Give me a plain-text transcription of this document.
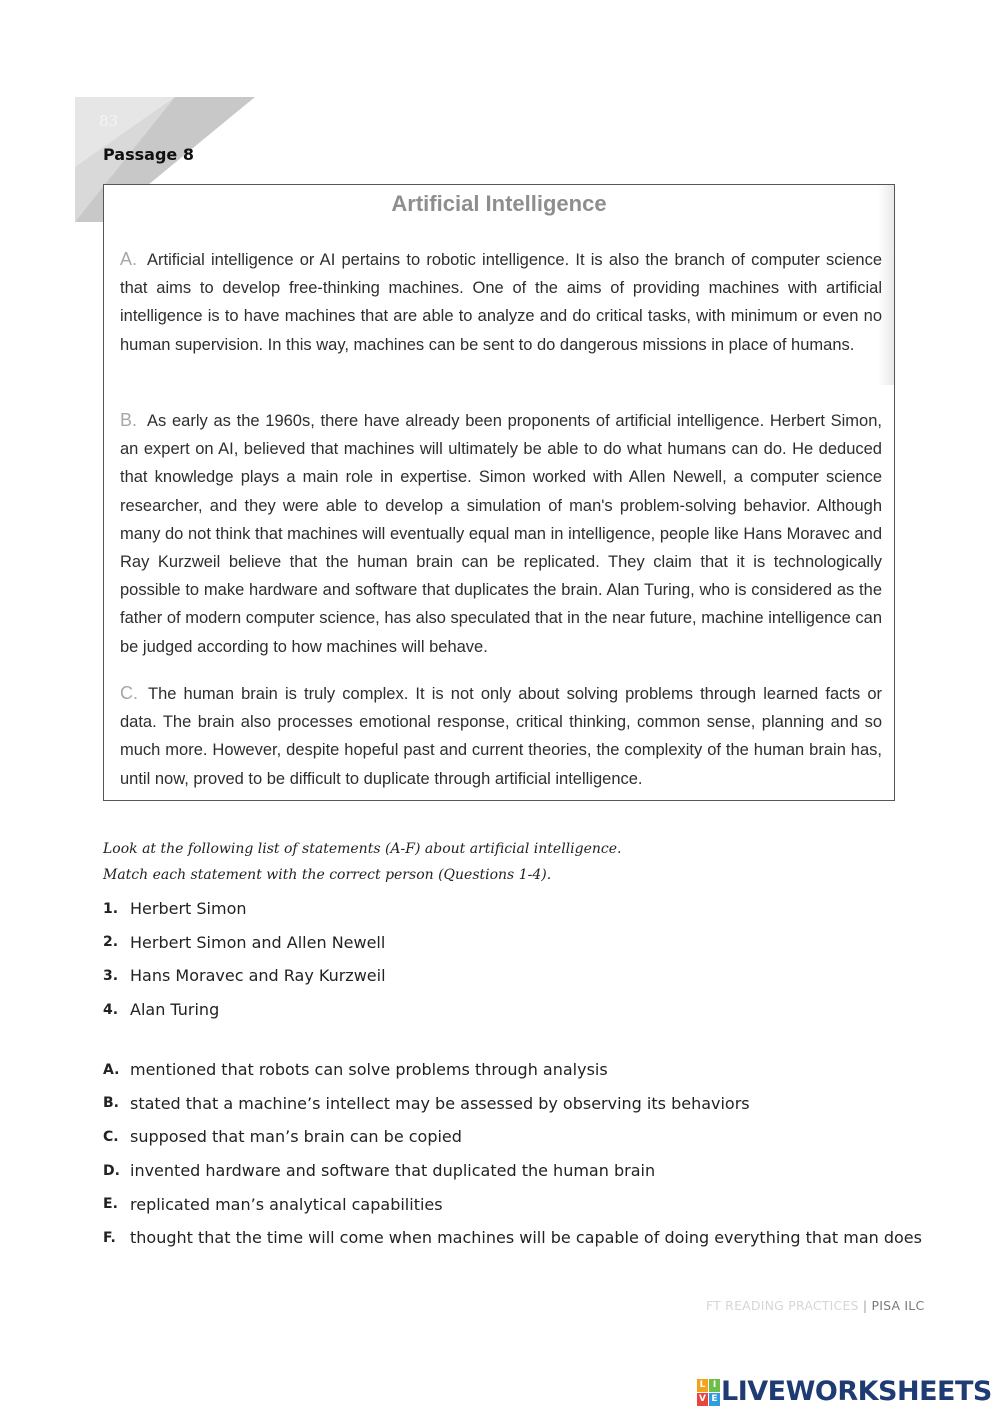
83
Passage 8
Artificial Intelligence

A. Artificial intelligence or AI pertains to robotic intelligence. It is also the branch of computer science that aims to develop free-thinking machines. One of the aims of providing machines with artificial intelligence is to have machines that are able to analyze and do critical tasks, with minimum or even no human supervision. In this way, machines can be sent to do dangerous missions in place of humans.

B. As early as the 1960s, there have already been proponents of artificial intelligence. Herbert Simon, an expert on AI, believed that machines will ultimately be able to do what humans can do. He deduced that knowledge plays a main role in expertise. Simon worked with Allen Newell, a computer science researcher, and they were able to develop a simulation of man's problem-solving behavior. Although many do not think that machines will eventually equal man in intelligence, people like Hans Moravec and Ray Kurzweil believe that the human brain can be replicated. They claim that it is technologically possible to make hardware and software that duplicates the brain. Alan Turing, who is considered as the father of modern computer science, has also speculated that in the near future, machine intelligence can be judged according to how machines will behave.

C. The human brain is truly complex. It is not only about solving problems through learned facts or data. The brain also processes emotional response, critical thinking, common sense, planning and so much more. However, despite hopeful past and current theories, the complexity of the human brain has, until now, proved to be difficult to duplicate through artificial intelligence.

Look at the following list of statements (A-F) about artificial intelligence.
Match each statement with the correct person (Questions 1-4).
1. Herbert Simon
2. Herbert Simon and Allen Newell
3. Hans Moravec and Ray Kurzweil
4. Alan Turing
A. mentioned that robots can solve problems through analysis
B. stated that a machine’s intellect may be assessed by observing its behaviors
C. supposed that man’s brain can be copied
D. invented hardware and software that duplicated the human brain
E. replicated man’s analytical capabilities
F. thought that the time will come when machines will be capable of doing everything that man does
FT READING PRACTICES | PISA ILC
L I
V E LIVEWORKSHEETS
